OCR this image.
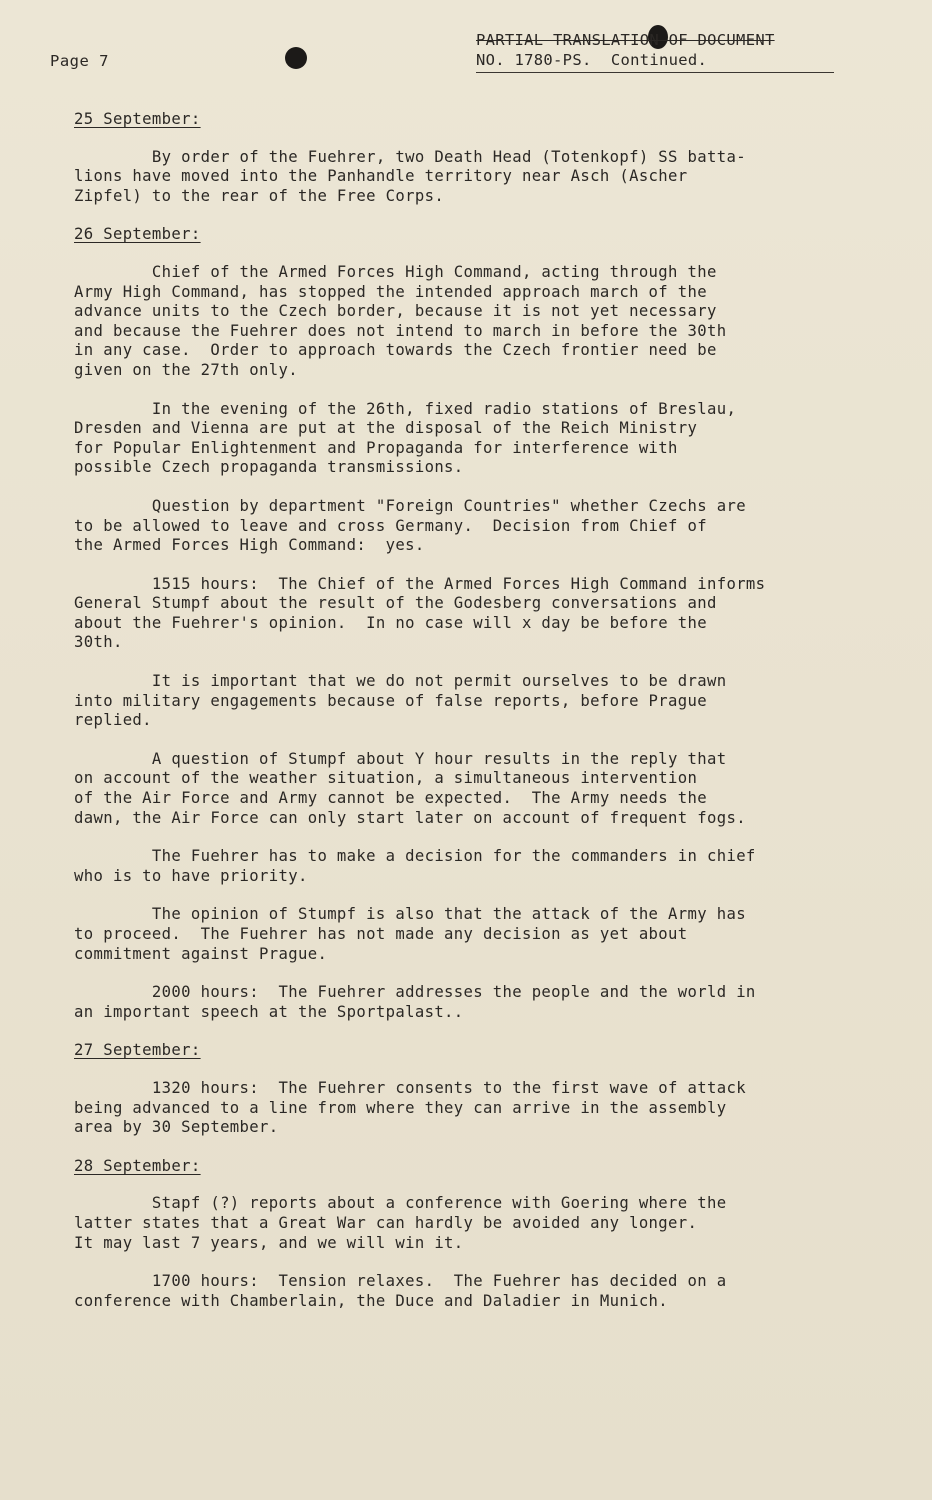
Page 7
PARTIAL TRANSLATION OF DOCUMENT
NO. 1780-PS.  Continued.
25 September:
By order of the Fuehrer, two Death Head (Totenkopf) SS batta-
lions have moved into the Panhandle territory near Asch (Ascher
Zipfel) to the rear of the Free Corps.
26 September:
Chief of the Armed Forces High Command, acting through the
Army High Command, has stopped the intended approach march of the
advance units to the Czech border, because it is not yet necessary
and because the Fuehrer does not intend to march in before the 30th
in any case.  Order to approach towards the Czech frontier need be
given on the 27th only.
In the evening of the 26th, fixed radio stations of Breslau,
Dresden and Vienna are put at the disposal of the Reich Ministry
for Popular Enlightenment and Propaganda for interference with
possible Czech propaganda transmissions.
Question by department "Foreign Countries" whether Czechs are
to be allowed to leave and cross Germany.  Decision from Chief of
the Armed Forces High Command:  yes.
1515 hours:  The Chief of the Armed Forces High Command informs
General Stumpf about the result of the Godesberg conversations and
about the Fuehrer's opinion.  In no case will x day be before the
30th.
It is important that we do not permit ourselves to be drawn
into military engagements because of false reports, before Prague
replied.
A question of Stumpf about Y hour results in the reply that
on account of the weather situation, a simultaneous intervention
of the Air Force and Army cannot be expected.  The Army needs the
dawn, the Air Force can only start later on account of frequent fogs.
The Fuehrer has to make a decision for the commanders in chief
who is to have priority.
The opinion of Stumpf is also that the attack of the Army has
to proceed.  The Fuehrer has not made any decision as yet about
commitment against Prague.
2000 hours:  The Fuehrer addresses the people and the world in
an important speech at the Sportpalast..
27 September:
1320 hours:  The Fuehrer consents to the first wave of attack
being advanced to a line from where they can arrive in the assembly
area by 30 September.
28 September:
Stapf (?) reports about a conference with Goering where the
latter states that a Great War can hardly be avoided any longer.
It may last 7 years, and we will win it.
1700 hours:  Tension relaxes.  The Fuehrer has decided on a
conference with Chamberlain, the Duce and Daladier in Munich.
